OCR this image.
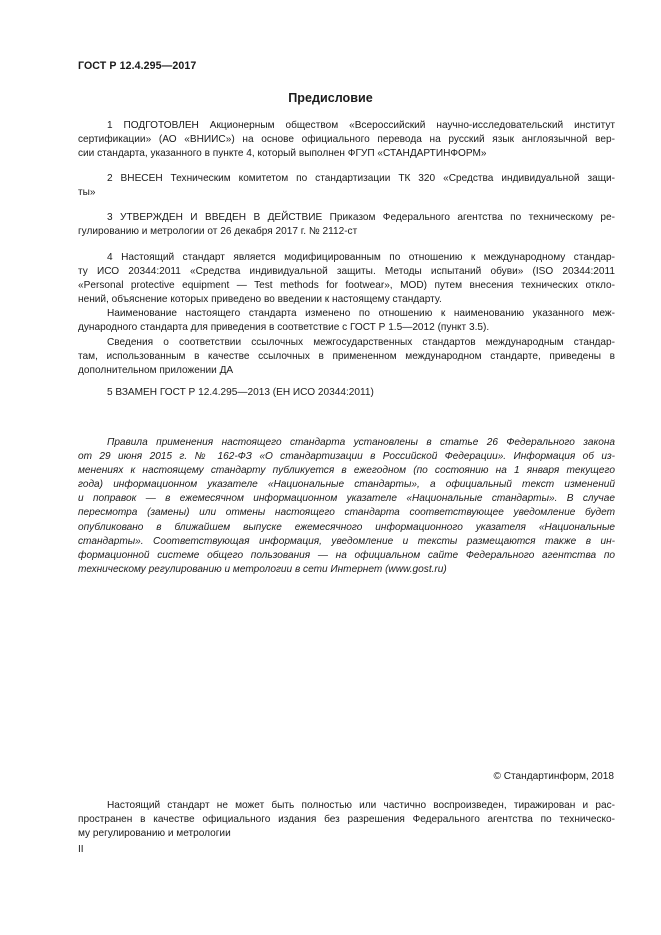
ГОСТ Р 12.4.295—2017
Предисловие
1 ПОДГОТОВЛЕН Акционерным обществом «Всероссийский научно-исследовательский институт
сертификации» (АО «ВНИИС») на основе официального перевода на русский язык англоязычной вер-
сии стандарта, указанного в пункте 4, который выполнен ФГУП «СТАНДАРТИНФОРМ»
2 ВНЕСЕН Техническим комитетом по стандартизации ТК 320 «Средства индивидуальной защи-
ты»
3 УТВЕРЖДЕН И ВВЕДЕН В ДЕЙСТВИЕ Приказом Федерального агентства по техническому ре-
гулированию и метрологии от 26 декабря 2017 г. № 2112-ст
4 Настоящий стандарт является модифицированным по отношению к международному стандар-
ту ИСО 20344:2011 «Средства индивидуальной защиты. Методы испытаний обуви» (ISO 20344:2011
«Personal protective equipment — Test methods for footwear», MOD) путем внесения технических откло-
нений, объяснение которых приведено во введении к настоящему стандарту.
Наименование настоящего стандарта изменено по отношению к наименованию указанного меж-
дународного стандарта для приведения в соответствие с ГОСТ Р 1.5—2012 (пункт 3.5).
Сведения о соответствии ссылочных межгосударственных стандартов международным стандар-
там, использованным в качестве ссылочных в примененном международном стандарте, приведены в
дополнительном приложении ДА
5 ВЗАМЕН ГОСТ Р 12.4.295—2013 (ЕН ИСО 20344:2011)
Правила применения настоящего стандарта установлены в статье 26 Федерального закона
от 29 июня 2015 г. № 162-ФЗ «О стандартизации в Российской Федерации». Информация об из-
менениях к настоящему стандарту публикуется в ежегодном (по состоянию на 1 января текущего
года) информационном указателе «Национальные стандарты», а официальный текст изменений
и поправок — в ежемесячном информационном указателе «Национальные стандарты». В случае
пересмотра (замены) или отмены настоящего стандарта соответствующее уведомление будет
опубликовано в ближайшем выпуске ежемесячного информационного указателя «Национальные
стандарты». Соответствующая информация, уведомление и тексты размещаются также в ин-
формационной системе общего пользования — на официальном сайте Федерального агентства по
техническому регулированию и метрологии в сети Интернет (www.gost.ru)
© Стандартинформ, 2018
Настоящий стандарт не может быть полностью или частично воспроизведен, тиражирован и рас-
пространен в качестве официального издания без разрешения Федерального агентства по техническо-
му регулированию и метрологии
II
